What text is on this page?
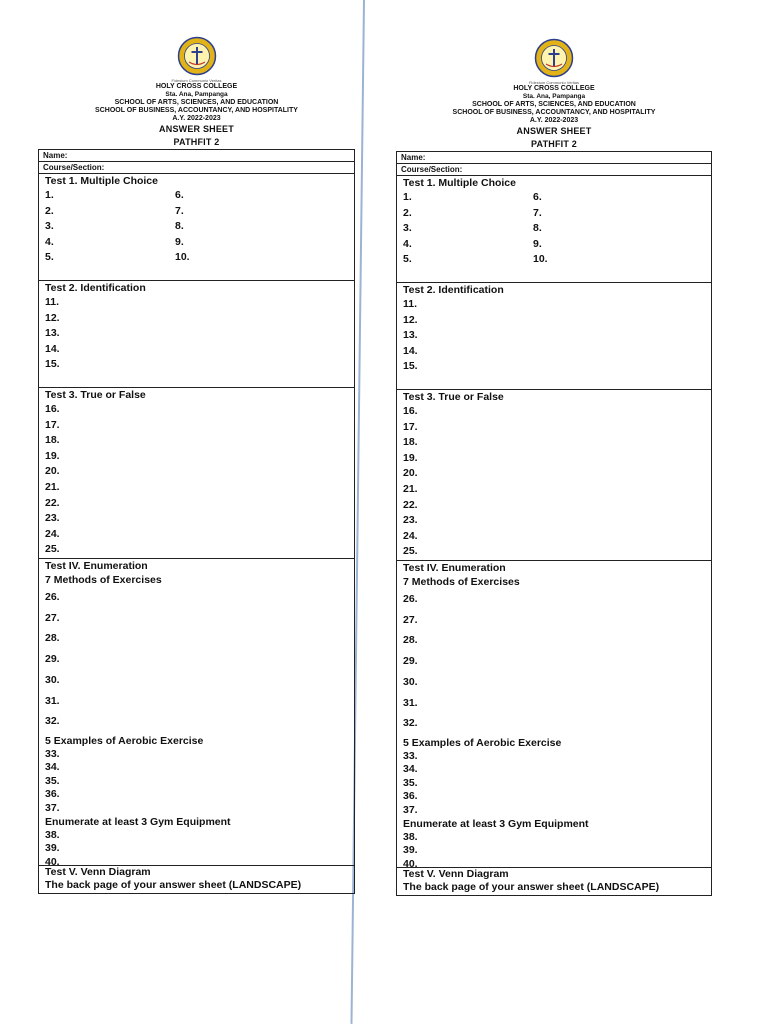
Fidesium Communio Veritas
HOLY CROSS COLLEGE
Sta. Ana, Pampanga
SCHOOL OF ARTS, SCIENCES, AND EDUCATION
SCHOOL OF BUSINESS, ACCOUNTANCY, AND HOSPITALITY
A.Y. 2022-2023
ANSWER SHEET
PATHFIT 2
Name:
Course/Section:
Test 1. Multiple Choice
1.
2.
3.
4.
5.
6.
7.
8.
9.
10.
Test 2. Identification
11.
12.
13.
14.
15.
Test 3. True or False
16.
17.
18.
19.
20.
21.
22.
23.
24.
25.
Test IV. Enumeration
7 Methods of Exercises
26.
27.
28.
29.
30.
31.
32.
5 Examples of Aerobic Exercise
33.
34.
35.
36.
37.
Enumerate at least 3 Gym Equipment
38.
39.
40.
Test V. Venn Diagram
The back page of your answer sheet (LANDSCAPE)
Fidesium Communio Veritas
HOLY CROSS COLLEGE
Sta. Ana, Pampanga
SCHOOL OF ARTS, SCIENCES, AND EDUCATION
SCHOOL OF BUSINESS, ACCOUNTANCY, AND HOSPITALITY
A.Y. 2022-2023
ANSWER SHEET
PATHFIT 2
Name:
Course/Section:
Test 1. Multiple Choice
1.
2.
3.
4.
5.
6.
7.
8.
9.
10.
Test 2. Identification
11.
12.
13.
14.
15.
Test 3. True or False
16.
17.
18.
19.
20.
21.
22.
23.
24.
25.
Test IV. Enumeration
7 Methods of Exercises
26.
27.
28.
29.
30.
31.
32.
5 Examples of Aerobic Exercise
33.
34.
35.
36.
37.
Enumerate at least 3 Gym Equipment
38.
39.
40.
Test V. Venn Diagram
The back page of your answer sheet (LANDSCAPE)
